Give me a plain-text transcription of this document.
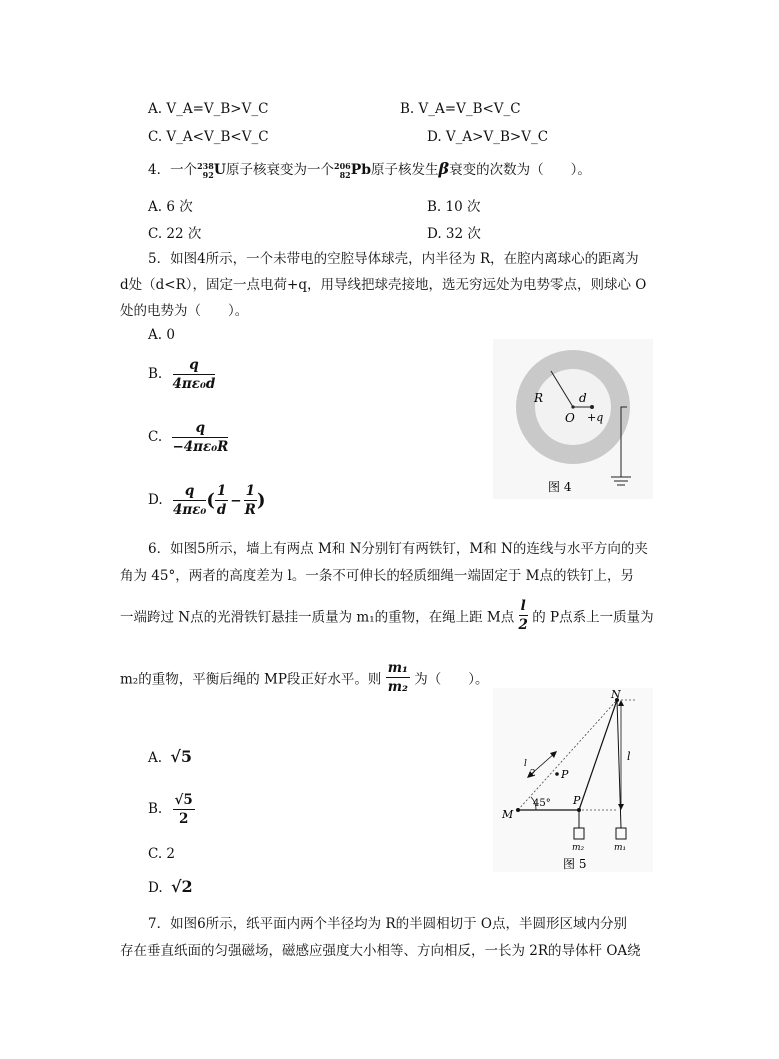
A. V_A=V_B>V_C	B. V_A=V_B<V_C
C. V_A<V_B<V_C	D. V_A>V_B>V_C
4．一个 238
92 U原子核衰变为一个 206
82 Pb原子核发生β衰变的次数为（　　）。
A. 6 次	B. 10 次
C. 22 次	D. 32 次
5．如图4所示，一个未带电的空腔导体球壳，内半径为 R，在腔内离球心的距离为
d处（d<R），固定一点电荷+q，用导线把球壳接地，选无穷远处为电势零点，则球心 O
处的电势为（　　）。
A. 0
B. $\frac{q}{\text{4πε₀d}}$
C. $\frac{q}{\text{−4πε₀R}}$
D. $\frac{q}{\text{4πε₀}}$ ( $\frac{1}{d} - \frac{1}{R}$ )
R	d
O +q
图 4
6．如图5所示，墙上有两点 M和 N分别钉有两铁钉，M和 N的连线与水平方向的夹
角为 45°，两者的高度差为 l。一条不可伸长的轻质细绳一端固定于 M点的铁钉上，另
一端跨过 N点的光滑铁钉悬挂一质量为 m₁的重物，在绳上距 M点 $\frac{l}{2}$ 的 P点系上一质量为
m₂的重物，平衡后绳的 MP段正好水平。则 $\frac{\text{m₁}}{\text{m₂}}$ 为（　　）。
A. √5
B. $\frac{√5}{2}$
C. 2
D. √2
N
l
P
l
2
45° P
M
m₂	m₁
图 5
7．如图6所示，纸平面内两个半径均为 R的半圆相切于 O点，半圆形区域内分别
存在垂直纸面的匀强磁场，磁感应强度大小相等、方向相反，一长为 2R的导体杆 OA绕
